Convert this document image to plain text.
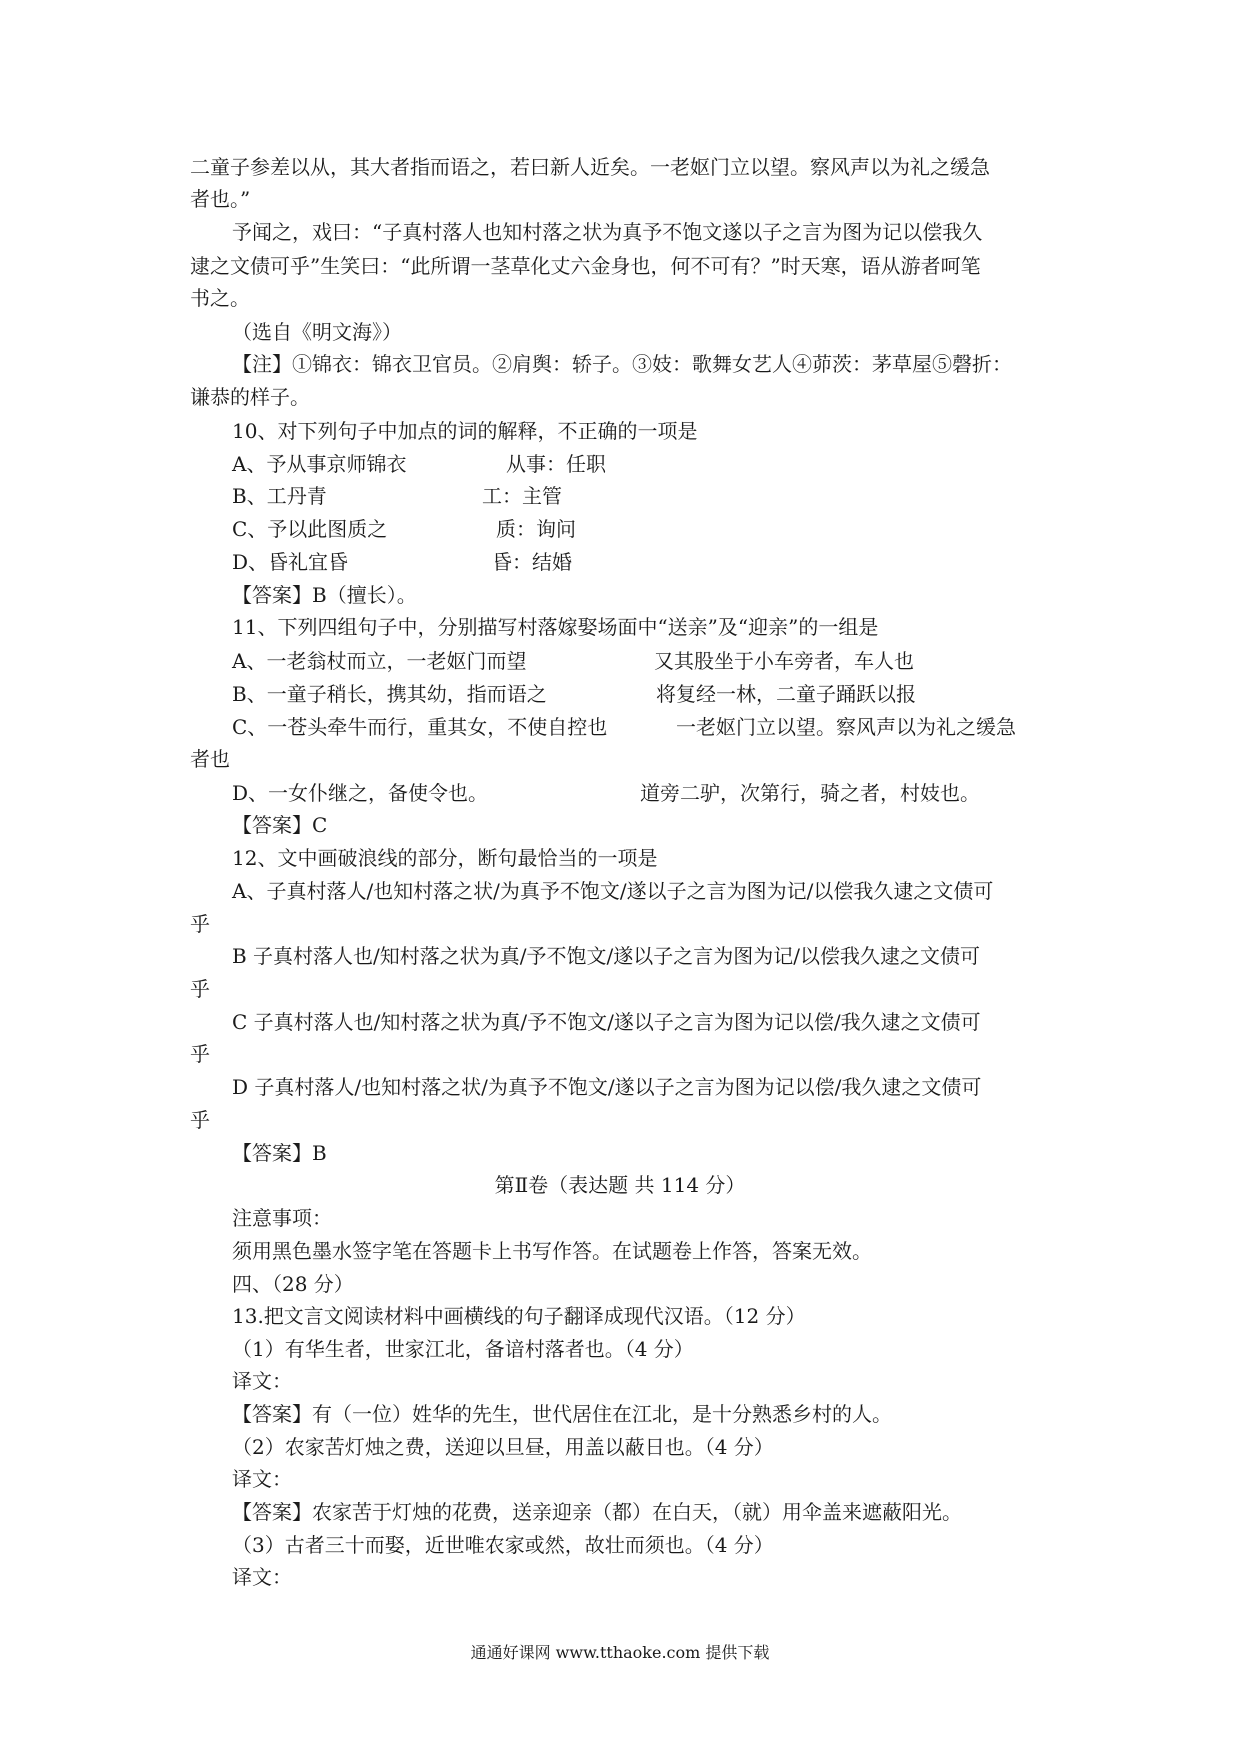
二童子参差以从，其大者指而语之，若曰新人近矣。一老妪门立以望。察风声以为礼之缓急
者也。”
予闻之，戏曰：“子真村落人也知村落之状为真予不饱文遂以子之言为图为记以偿我久
逮之文债可乎”生笑曰：“此所谓一茎草化丈六金身也，何不可有？”时天寒，语从游者呵笔
书之。
（选自《明文海》）
【注】①锦衣：锦衣卫官员。②肩舆：轿子。③妓：歌舞女艺人④茆茨：茅草屋⑤磬折：
谦恭的样子。
10、对下列句子中加点的词的解释，不正确的一项是
A、予从事京师锦衣	从事：任职
B、工丹青	工：主管
C、予以此图质之	质：询问
D、昏礼宜昏	昏：结婚
【答案】B（擅长）。
11、下列四组句子中，分别描写村落嫁娶场面中“送亲”及“迎亲”的一组是
A、一老翁杖而立，一老妪门而望	又其股坐于小车旁者，车人也
B、一童子稍长，携其幼，指而语之	将复经一林，二童子踊跃以报
C、一苍头牵牛而行，重其女，不使自控也	一老妪门立以望。察风声以为礼之缓急
者也
D、一女仆继之，备使令也。	道旁二驴，次第行，骑之者，村妓也。
【答案】C
12、文中画破浪线的部分，断句最恰当的一项是
A、子真村落人/也知村落之状/为真予不饱文/遂以子之言为图为记/以偿我久逮之文债可
乎
B 子真村落人也/知村落之状为真/予不饱文/遂以子之言为图为记/以偿我久逮之文债可
乎
C 子真村落人也/知村落之状为真/予不饱文/遂以子之言为图为记以偿/我久逮之文债可
乎
D 子真村落人/也知村落之状/为真予不饱文/遂以子之言为图为记以偿/我久逮之文债可
乎
【答案】B
第Ⅱ卷（表达题 共 114 分）
注意事项：
须用黑色墨水签字笔在答题卡上书写作答。在试题卷上作答，答案无效。
四、（28 分）
13.把文言文阅读材料中画横线的句子翻译成现代汉语。（12 分）
（1）有华生者，世家江北，备谙村落者也。（4 分）
译文：
【答案】有（一位）姓华的先生，世代居住在江北，是十分熟悉乡村的人。
（2）农家苦灯烛之费，送迎以旦昼，用盖以蔽日也。（4 分）
译文：
【答案】农家苦于灯烛的花费，送亲迎亲（都）在白天，（就）用伞盖来遮蔽阳光。
（3）古者三十而娶，近世唯农家或然，故壮而须也。（4 分）
译文：
通通好课网 www.tthaoke.com 提供下载
